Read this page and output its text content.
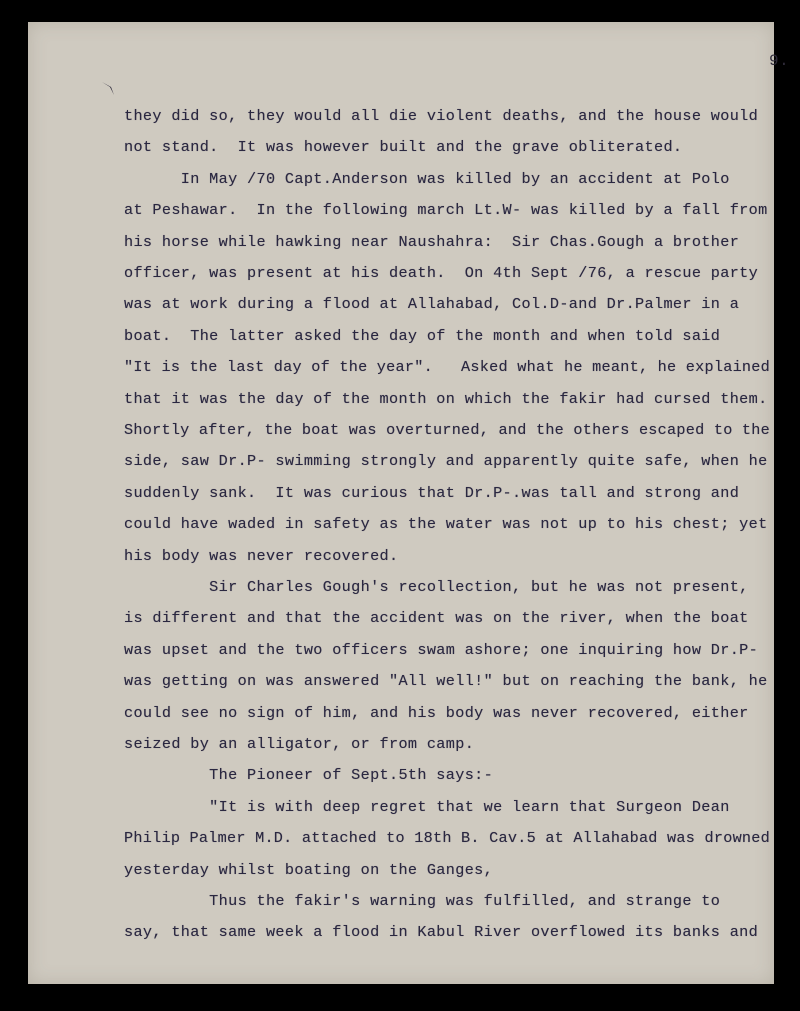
9.
they did so, they would all die violent deaths, and the house would
not stand.  It was however built and the grave obliterated.
In May /70 Capt.Anderson was killed by an accident at Polo
at Peshawar.  In the following march Lt.W- was killed by a fall from
his horse while hawking near Naushahra:  Sir Chas.Gough a brother
officer, was present at his death.  On 4th Sept /76, a rescue party
was at work during a flood at Allahabad, Col.D-and Dr.Palmer in a
boat.  The latter asked the day of the month and when told said
"It is the last day of the year".   Asked what he meant, he explained
that it was the day of the month on which the fakir had cursed them.
Shortly after, the boat was overturned, and the others escaped to the
side, saw Dr.P- swimming strongly and apparently quite safe, when he
suddenly sank.  It was curious that Dr.P-.was tall and strong and
could have waded in safety as the water was not up to his chest; yet
his body was never recovered.
Sir Charles Gough's recollection, but he was not present,
is different and that the accident was on the river, when the boat
was upset and the two officers swam ashore; one inquiring how Dr.P-
was getting on was answered "All well!" but on reaching the bank, he
could see no sign of him, and his body was never recovered, either
seized by an alligator, or from camp.
The Pioneer of Sept.5th says:-
"It is with deep regret that we learn that Surgeon Dean
Philip Palmer M.D. attached to 18th B. Cav.5 at Allahabad was drowned
yesterday whilst boating on the Ganges,
Thus the fakir's warning was fulfilled, and strange to
say, that same week a flood in Kabul River overflowed its banks and
